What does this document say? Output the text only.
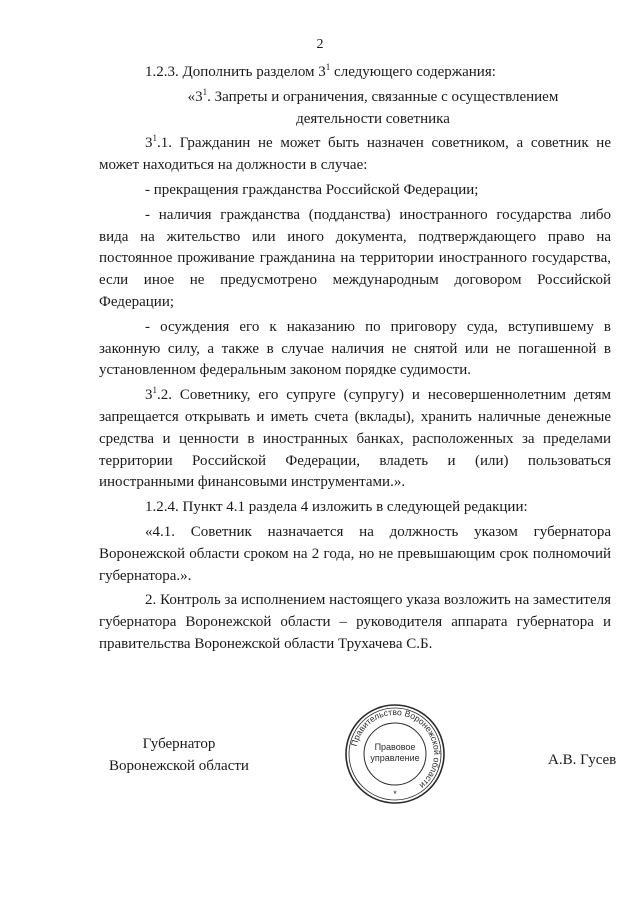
2

1.2.3. Дополнить разделом $3^1$ следующего содержания:

«$3^1$. Запреты и ограничения, связанные с осуществлением

деятельности советника

$3^1.1$. Гражданин не может быть назначен советником, а советник не может находиться на должности в случае:

- прекращения гражданства Российской Федерации;

- наличия гражданства (подданства) иностранного государства либо вида на жительство или иного документа, подтверждающего право на постоянное проживание гражданина на территории иностранного государства, если иное не предусмотрено международным договором Российской Федерации;

- осуждения его к наказанию по приговору суда, вступившему в законную силу, а также в случае наличия не снятой или не погашенной в установленном федеральным законом порядке судимости.

$3^1.2$. Советнику, его супруге (супругу) и несовершеннолетним детям запрещается открывать и иметь счета (вклады), хранить наличные денежные средства и ценности в иностранных банках, расположенных за пределами территории Российской Федерации, владеть и (или) пользоваться иностранными финансовыми инструментами.».

1.2.4. Пункт 4.1 раздела 4 изложить в следующей редакции:

«4.1. Советник назначается на должность указом губернатора Воронежской области сроком на 2 года, но не превышающим срок полномочий губернатора.».

2. Контроль за исполнением настоящего указа возложить на заместителя губернатора Воронежской области – руководителя аппарата губернатора и правительства Воронежской области Трухачева С.Б.

Губернатор
Воронежской области
Правительство Воронежской области
Правовое
управление
*
А.В. Гусев
